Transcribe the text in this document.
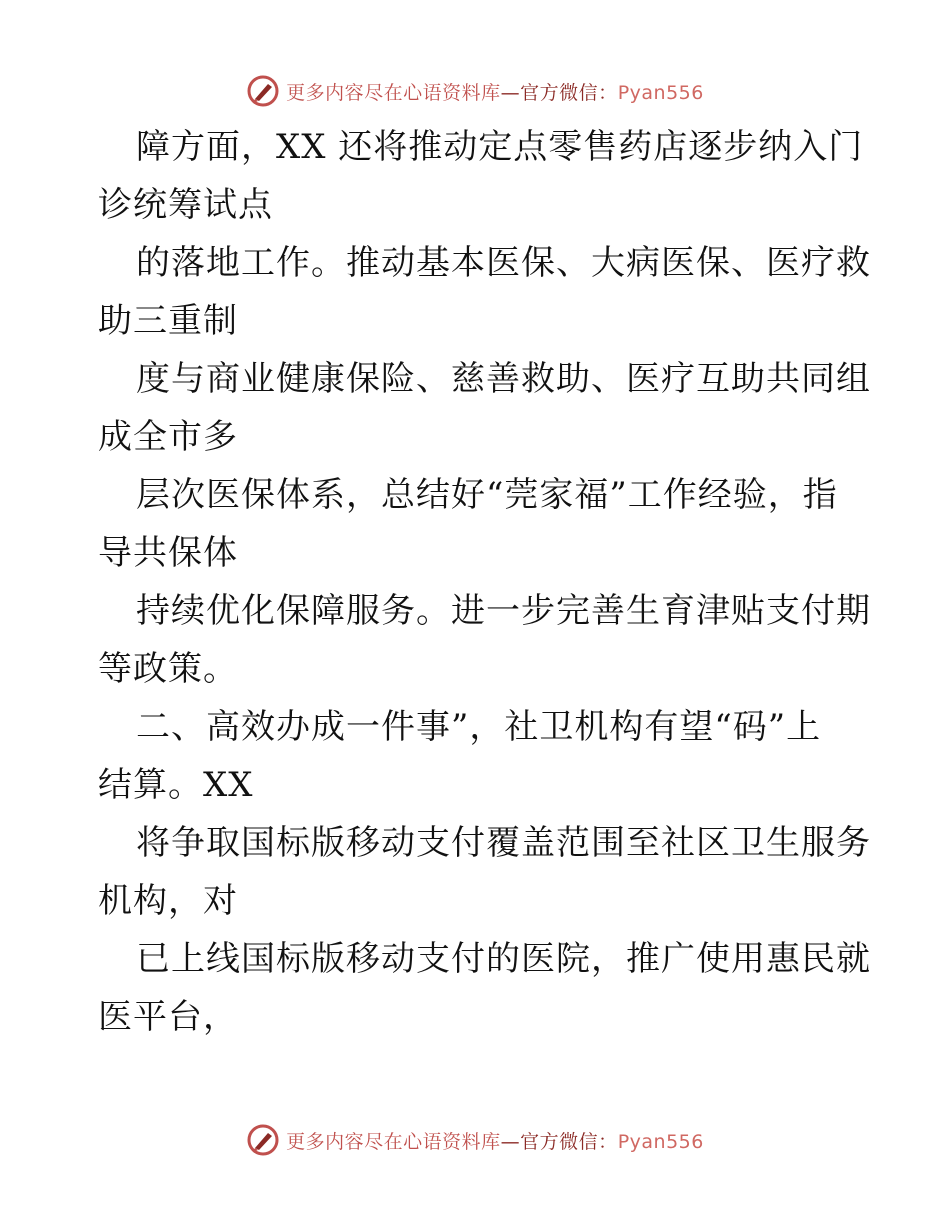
更多内容尽在心语资料库—官方微信：Pyan556

障方面，XX 还将推动定点零售药店逐步纳入门
诊统筹试点

的落地工作。推动基本医保、大病医保、医疗救
助三重制

度与商业健康保险、慈善救助、医疗互助共同组
成全市多

层次医保体系，总结好“莞家福”工作经验，指
导共保体

持续优化保障服务。进一步完善生育津贴支付期
等政策。

二、高效办成一件事”，社卫机构有望“码”上
结算。XX

将争取国标版移动支付覆盖范围至社区卫生服务
机构，对

已上线国标版移动支付的医院，推广使用惠民就
医平台，

更多内容尽在心语资料库—官方微信：Pyan556
